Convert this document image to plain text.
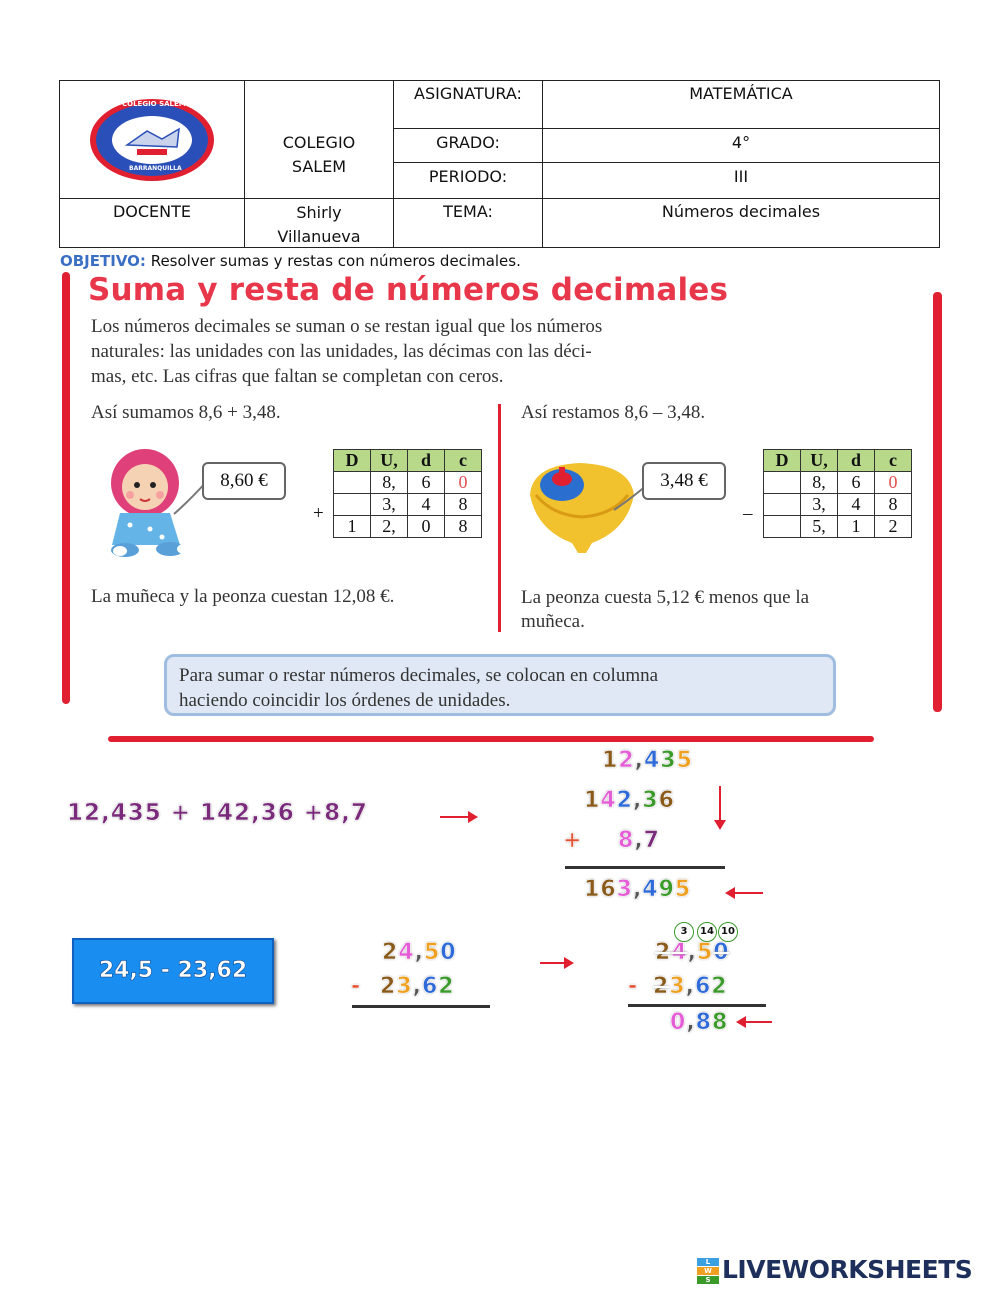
COLEGIO SALEM
1997
BARRANQUILLA
COLEGIO SALEM
ASIGNATURA:	MATEMÁTICA
GRADO:	4°
PERIODO:	III
DOCENTE	Shirly Villanueva
TEMA:	Números decimales
OBJETIVO: Resolver sumas y restas con números decimales.
Suma y resta de números decimales
Los números decimales se suman o se restan igual que los números
naturales: las unidades con las unidades, las décimas con las déci-
mas, etc. Las cifras que faltan se completan con ceros.
Así sumamos 8,6 + 3,48.	Así restamos 8,6 – 3,48.
8,60 €
D	U,	d	c
	8,	6	0
	3,	4	8
1	2,	0	8
+
3,48 €
D	U,	d	c
	8,	6	0
	3,	4	8
	5,	1	2
–
La muñeca y la peonza cuestan 12,08 €.	La peonza cuesta 5,12 € menos que la
muñeca.
Para sumar o restar números decimales, se colocan en columna
haciendo coincidir los órdenes de unidades.
12,435 + 142,36 +8,7
12,435
142,36
+ 8,7
163,495
24,5 - 23,62
24,50
- 23,62
3	14 10
24,50
- 23,62
0,88
L
W
S LIVEWORKSHEETS
